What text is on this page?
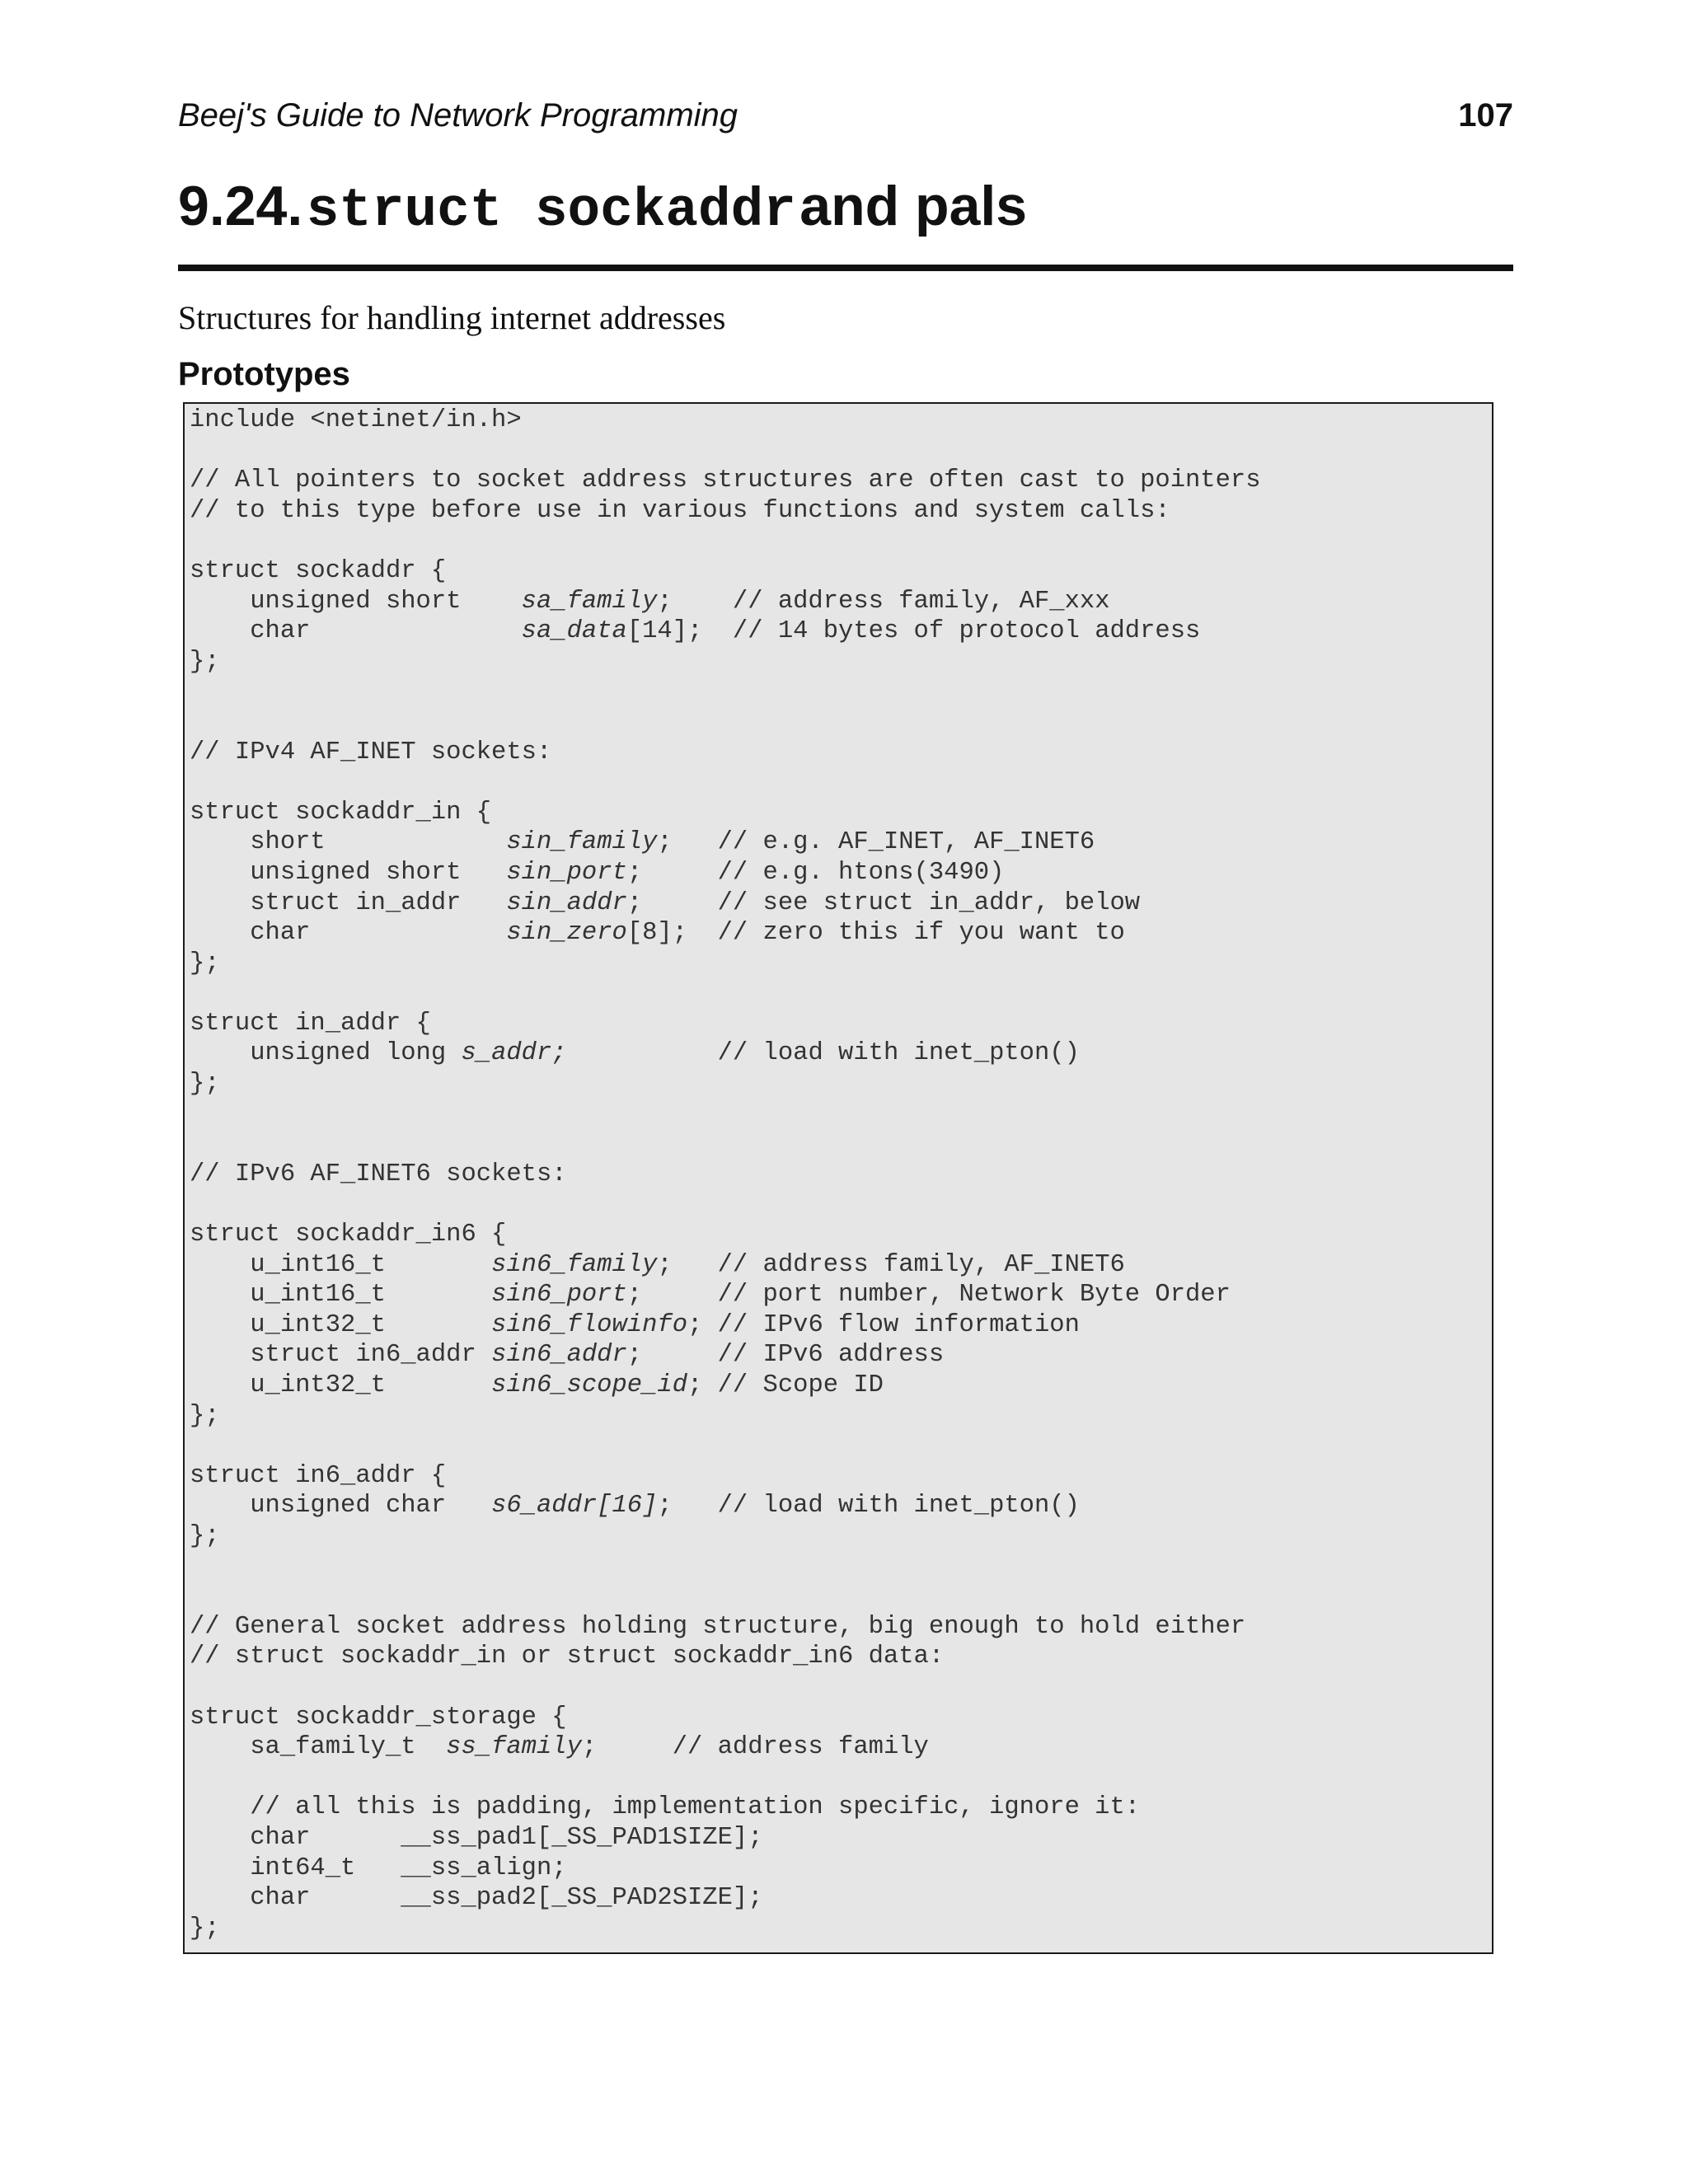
Beej's Guide to Network Programming	107
9.24. struct sockaddr and pals
Structures for handling internet addresses
Prototypes
include <netinet/in.h>
// All pointers to socket address structures are often cast to pointers
// to this type before use in various functions and system calls:
struct sockaddr {
unsigned short    sa_family;    // address family, AF_xxx
char              sa_data[14];  // 14 bytes of protocol address
};
// IPv4 AF_INET sockets:
struct sockaddr_in {
short            sin_family;   // e.g. AF_INET, AF_INET6
unsigned short   sin_port;     // e.g. htons(3490)
struct in_addr   sin_addr;     // see struct in_addr, below
char             sin_zero[8];  // zero this if you want to
};
struct in_addr {
unsigned long s_addr;          // load with inet_pton()
};
// IPv6 AF_INET6 sockets:
struct sockaddr_in6 {
u_int16_t       sin6_family;   // address family, AF_INET6
u_int16_t       sin6_port;     // port number, Network Byte Order
u_int32_t       sin6_flowinfo; // IPv6 flow information
struct in6_addr sin6_addr;     // IPv6 address
u_int32_t       sin6_scope_id; // Scope ID
};
struct in6_addr {
unsigned char   s6_addr[16];   // load with inet_pton()
};
// General socket address holding structure, big enough to hold either
// struct sockaddr_in or struct sockaddr_in6 data:
struct sockaddr_storage {
sa_family_t  ss_family;     // address family
// all this is padding, implementation specific, ignore it:
char      __ss_pad1[_SS_PAD1SIZE];
int64_t   __ss_align;
char      __ss_pad2[_SS_PAD2SIZE];
};
